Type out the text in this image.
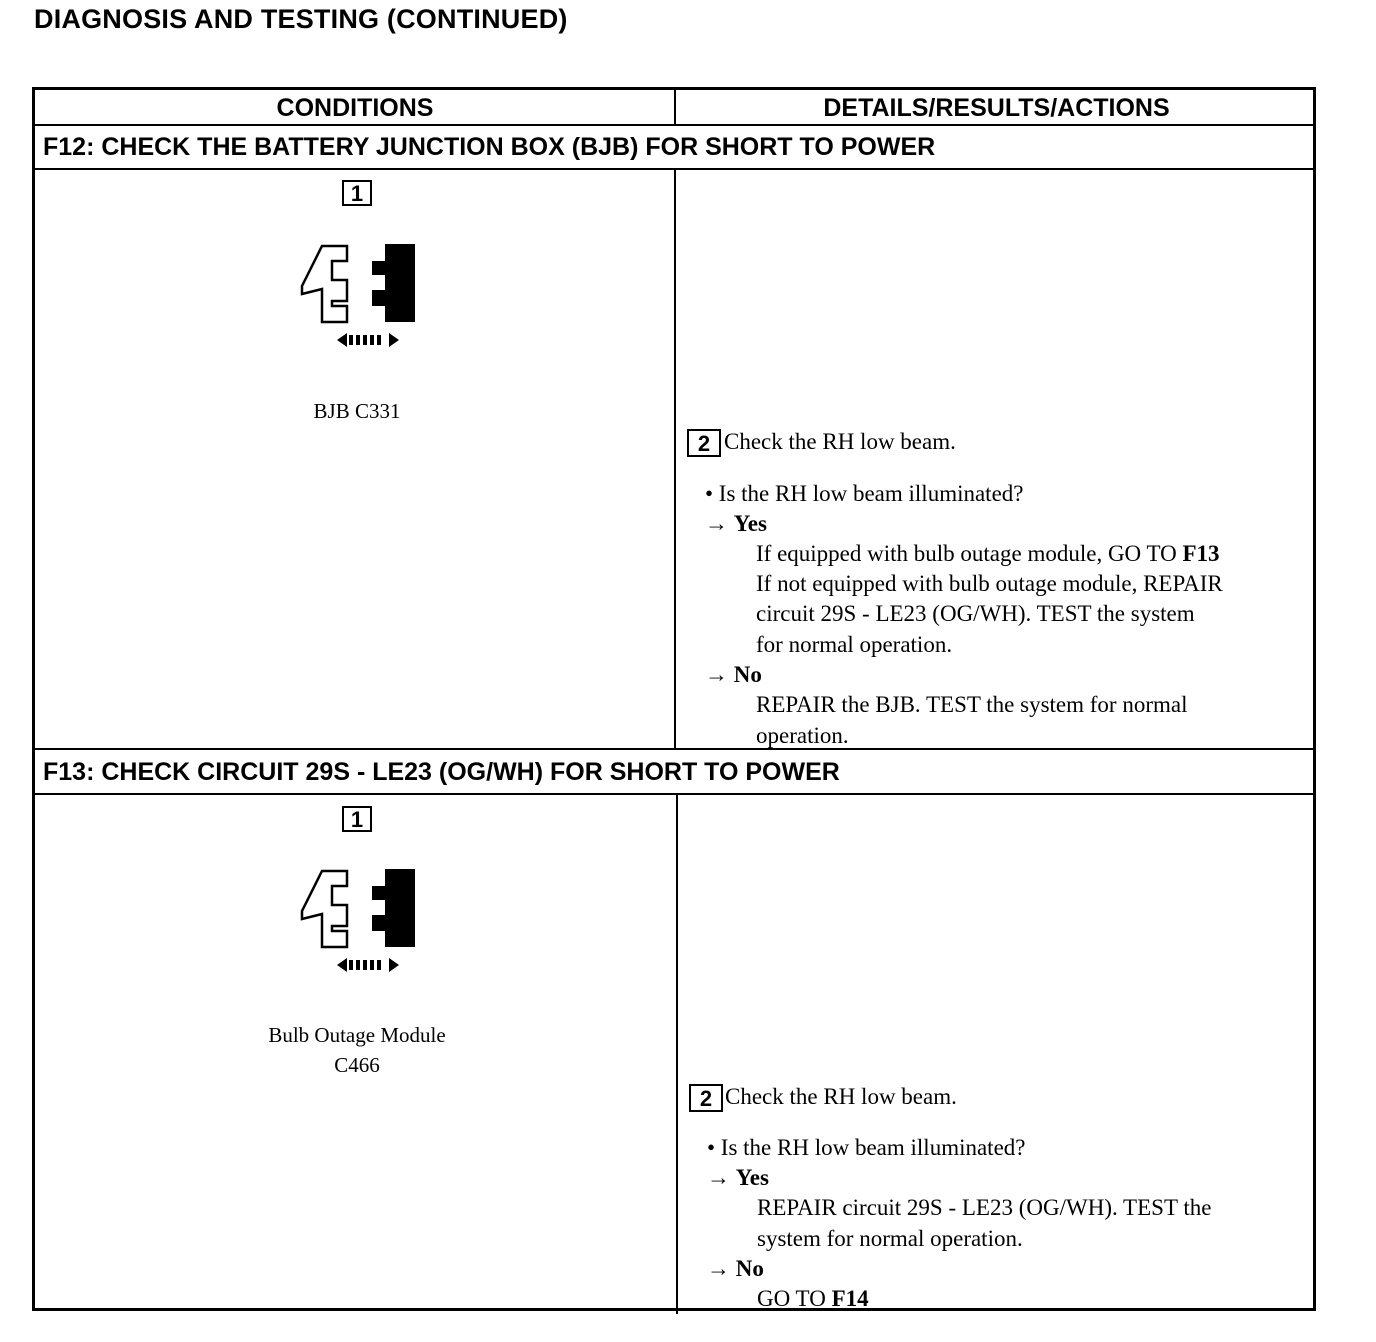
DIAGNOSIS AND TESTING (CONTINUED)
CONDITIONS	DETAILS/RESULTS/ACTIONS
F12: CHECK THE BATTERY JUNCTION BOX (BJB) FOR SHORT TO POWER
1
BJB C331
2 Check the RH low beam.
• Is the RH low beam illuminated?
→ Yes
If equipped with bulb outage module, GO TO F13
If not equipped with bulb outage module, REPAIR
circuit 29S - LE23 (OG/WH). TEST the system
for normal operation.
→ No
REPAIR the BJB. TEST the system for normal
operation.
F13: CHECK CIRCUIT 29S - LE23 (OG/WH) FOR SHORT TO POWER
1
Bulb Outage Module
C466
2 Check the RH low beam.
• Is the RH low beam illuminated?
→ Yes
REPAIR circuit 29S - LE23 (OG/WH). TEST the
system for normal operation.
→ No
GO TO F14
